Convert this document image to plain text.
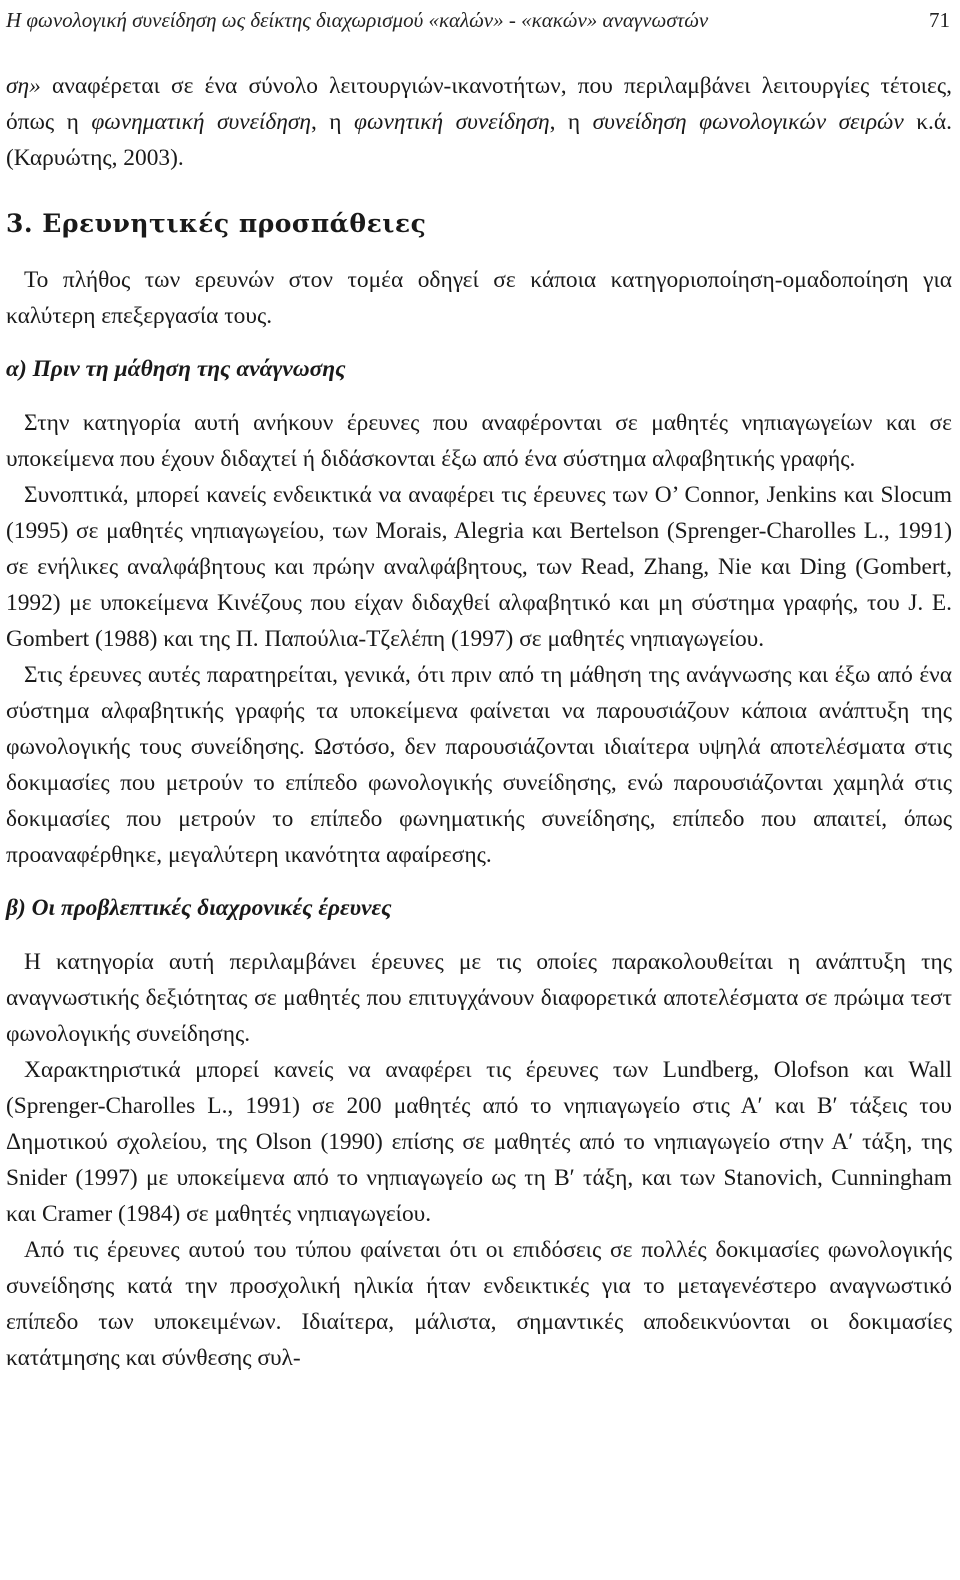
Η φωνολογική συνείδηση ως δείκτης διαχωρισμού «καλών» - «κακών» αναγνωστών	71

ση» αναφέρεται σε ένα σύνολο λειτουργιών-ικανοτήτων, που περιλαμβάνει λειτουργίες τέτοιες, όπως η φωνηματική συνείδηση, η φωνητική συνείδηση, η συνείδηση φωνολογικών σειρών κ.ά. (Καρυώτης, 2003).

3. Ερευνητικές προσπάθειες

Το πλήθος των ερευνών στον τομέα οδηγεί σε κάποια κατηγοριοποίηση-ομαδοποίηση για καλύτερη επεξεργασία τους.

α) Πριν τη μάθηση της ανάγνωσης

Στην κατηγορία αυτή ανήκουν έρευνες που αναφέρονται σε μαθητές νηπιαγωγείων και σε υποκείμενα που έχουν διδαχτεί ή διδάσκονται έξω από ένα σύστημα αλφαβητικής γραφής.

Συνοπτικά, μπορεί κανείς ενδεικτικά να αναφέρει τις έρευνες των O’ Connor, Jenkins και Slocum (1995) σε μαθητές νηπιαγωγείου, των Morais, Alegria και Bertelson (Sprenger-Charolles L., 1991) σε ενήλικες αναλφάβητους και πρώην αναλφάβητους, των Read, Zhang, Nie και Ding (Gombert, 1992) με υποκείμενα Κινέζους που είχαν διδαχθεί αλφαβητικό και μη σύστημα γραφής, του J. E. Gombert (1988) και της Π. Παπούλια-Τζελέπη (1997) σε μαθητές νηπιαγωγείου.

Στις έρευνες αυτές παρατηρείται, γενικά, ότι πριν από τη μάθηση της ανάγνωσης και έξω από ένα σύστημα αλφαβητικής γραφής τα υποκείμενα φαίνεται να παρουσιάζουν κάποια ανάπτυξη της φωνολογικής τους συνείδησης. Ωστόσο, δεν παρουσιάζονται ιδιαίτερα υψηλά αποτελέσματα στις δοκιμασίες που μετρούν το επίπεδο φωνολογικής συνείδησης, ενώ παρουσιάζονται χαμηλά στις δοκιμασίες που μετρούν το επίπεδο φωνηματικής συνείδησης, επίπεδο που απαιτεί, όπως προαναφέρθηκε, μεγαλύτερη ικανότητα αφαίρεσης.

β) Οι προβλεπτικές διαχρονικές έρευνες

Η κατηγορία αυτή περιλαμβάνει έρευνες με τις οποίες παρακολουθείται η ανάπτυξη της αναγνωστικής δεξιότητας σε μαθητές που επιτυγχάνουν διαφορετικά αποτελέσματα σε πρώιμα τεστ φωνολογικής συνείδησης.

Χαρακτηριστικά μπορεί κανείς να αναφέρει τις έρευνες των Lundberg, Olofson και Wall (Sprenger-Charolles L., 1991) σε 200 μαθητές από το νηπιαγωγείο στις Α′ και Β′ τάξεις του Δημοτικού σχολείου, της Olson (1990) επίσης σε μαθητές από το νηπιαγωγείο στην Α′ τάξη, της Snider (1997) με υποκείμενα από το νηπιαγωγείο ως τη Β′ τάξη, και των Stanovich, Cunningham και Cramer (1984) σε μαθητές νηπιαγωγείου.

Από τις έρευνες αυτού του τύπου φαίνεται ότι οι επιδόσεις σε πολλές δοκιμασίες φωνολογικής συνείδησης κατά την προσχολική ηλικία ήταν ενδεικτικές για το μεταγενέστερο αναγνωστικό επίπεδο των υποκειμένων. Ιδιαίτερα, μάλιστα, σημαντικές αποδεικνύονται οι δοκιμασίες κατάτμησης και σύνθεσης συλ-
